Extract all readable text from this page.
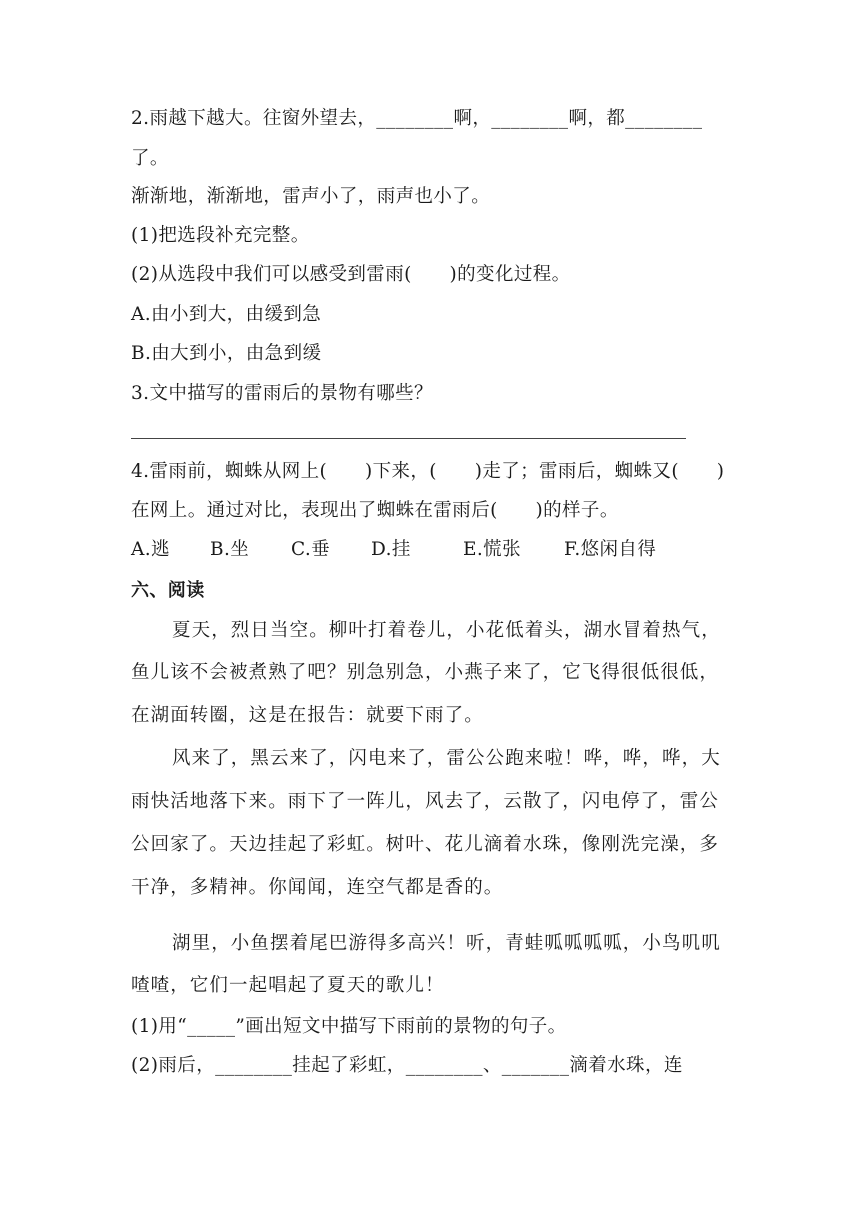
2.雨越下越大。往窗外望去，________啊，________啊，都________
了。
渐渐地，渐渐地，雷声小了，雨声也小了。
(1)把选段补充完整。
(2)从选段中我们可以感受到雷雨(　　)的变化过程。
A.由小到大，由缓到急
B.由大到小，由急到缓
3.文中描写的雷雨后的景物有哪些？
4.雷雨前，蜘蛛从网上(　　)下来，(　　)走了；雷雨后，蜘蛛又(　　)
在网上。通过对比，表现出了蜘蛛在雷雨后(　　)的样子。
A.逃 B.坐 C.垂 D.挂	E.慌张 F.悠闲自得
六、阅读
夏天，烈日当空。柳叶打着卷儿，小花低着头，湖水冒着热气，
鱼儿该不会被煮熟了吧？别急别急，小燕子来了，它飞得很低很低，
在湖面转圈，这是在报告：就要下雨了。
风来了，黑云来了，闪电来了，雷公公跑来啦！哗，哗，哗，大
雨快活地落下来。雨下了一阵儿，风去了，云散了，闪电停了，雷公
公回家了。天边挂起了彩虹。树叶、花儿滴着水珠，像刚洗完澡，多
干净，多精神。你闻闻，连空气都是香的。
湖里，小鱼摆着尾巴游得多高兴！听，青蛙呱呱呱呱，小鸟叽叽
喳喳，它们一起唱起了夏天的歌儿！
(1)用“_____”画出短文中描写下雨前的景物的句子。
(2)雨后，________挂起了彩虹，________、_______滴着水珠，连
